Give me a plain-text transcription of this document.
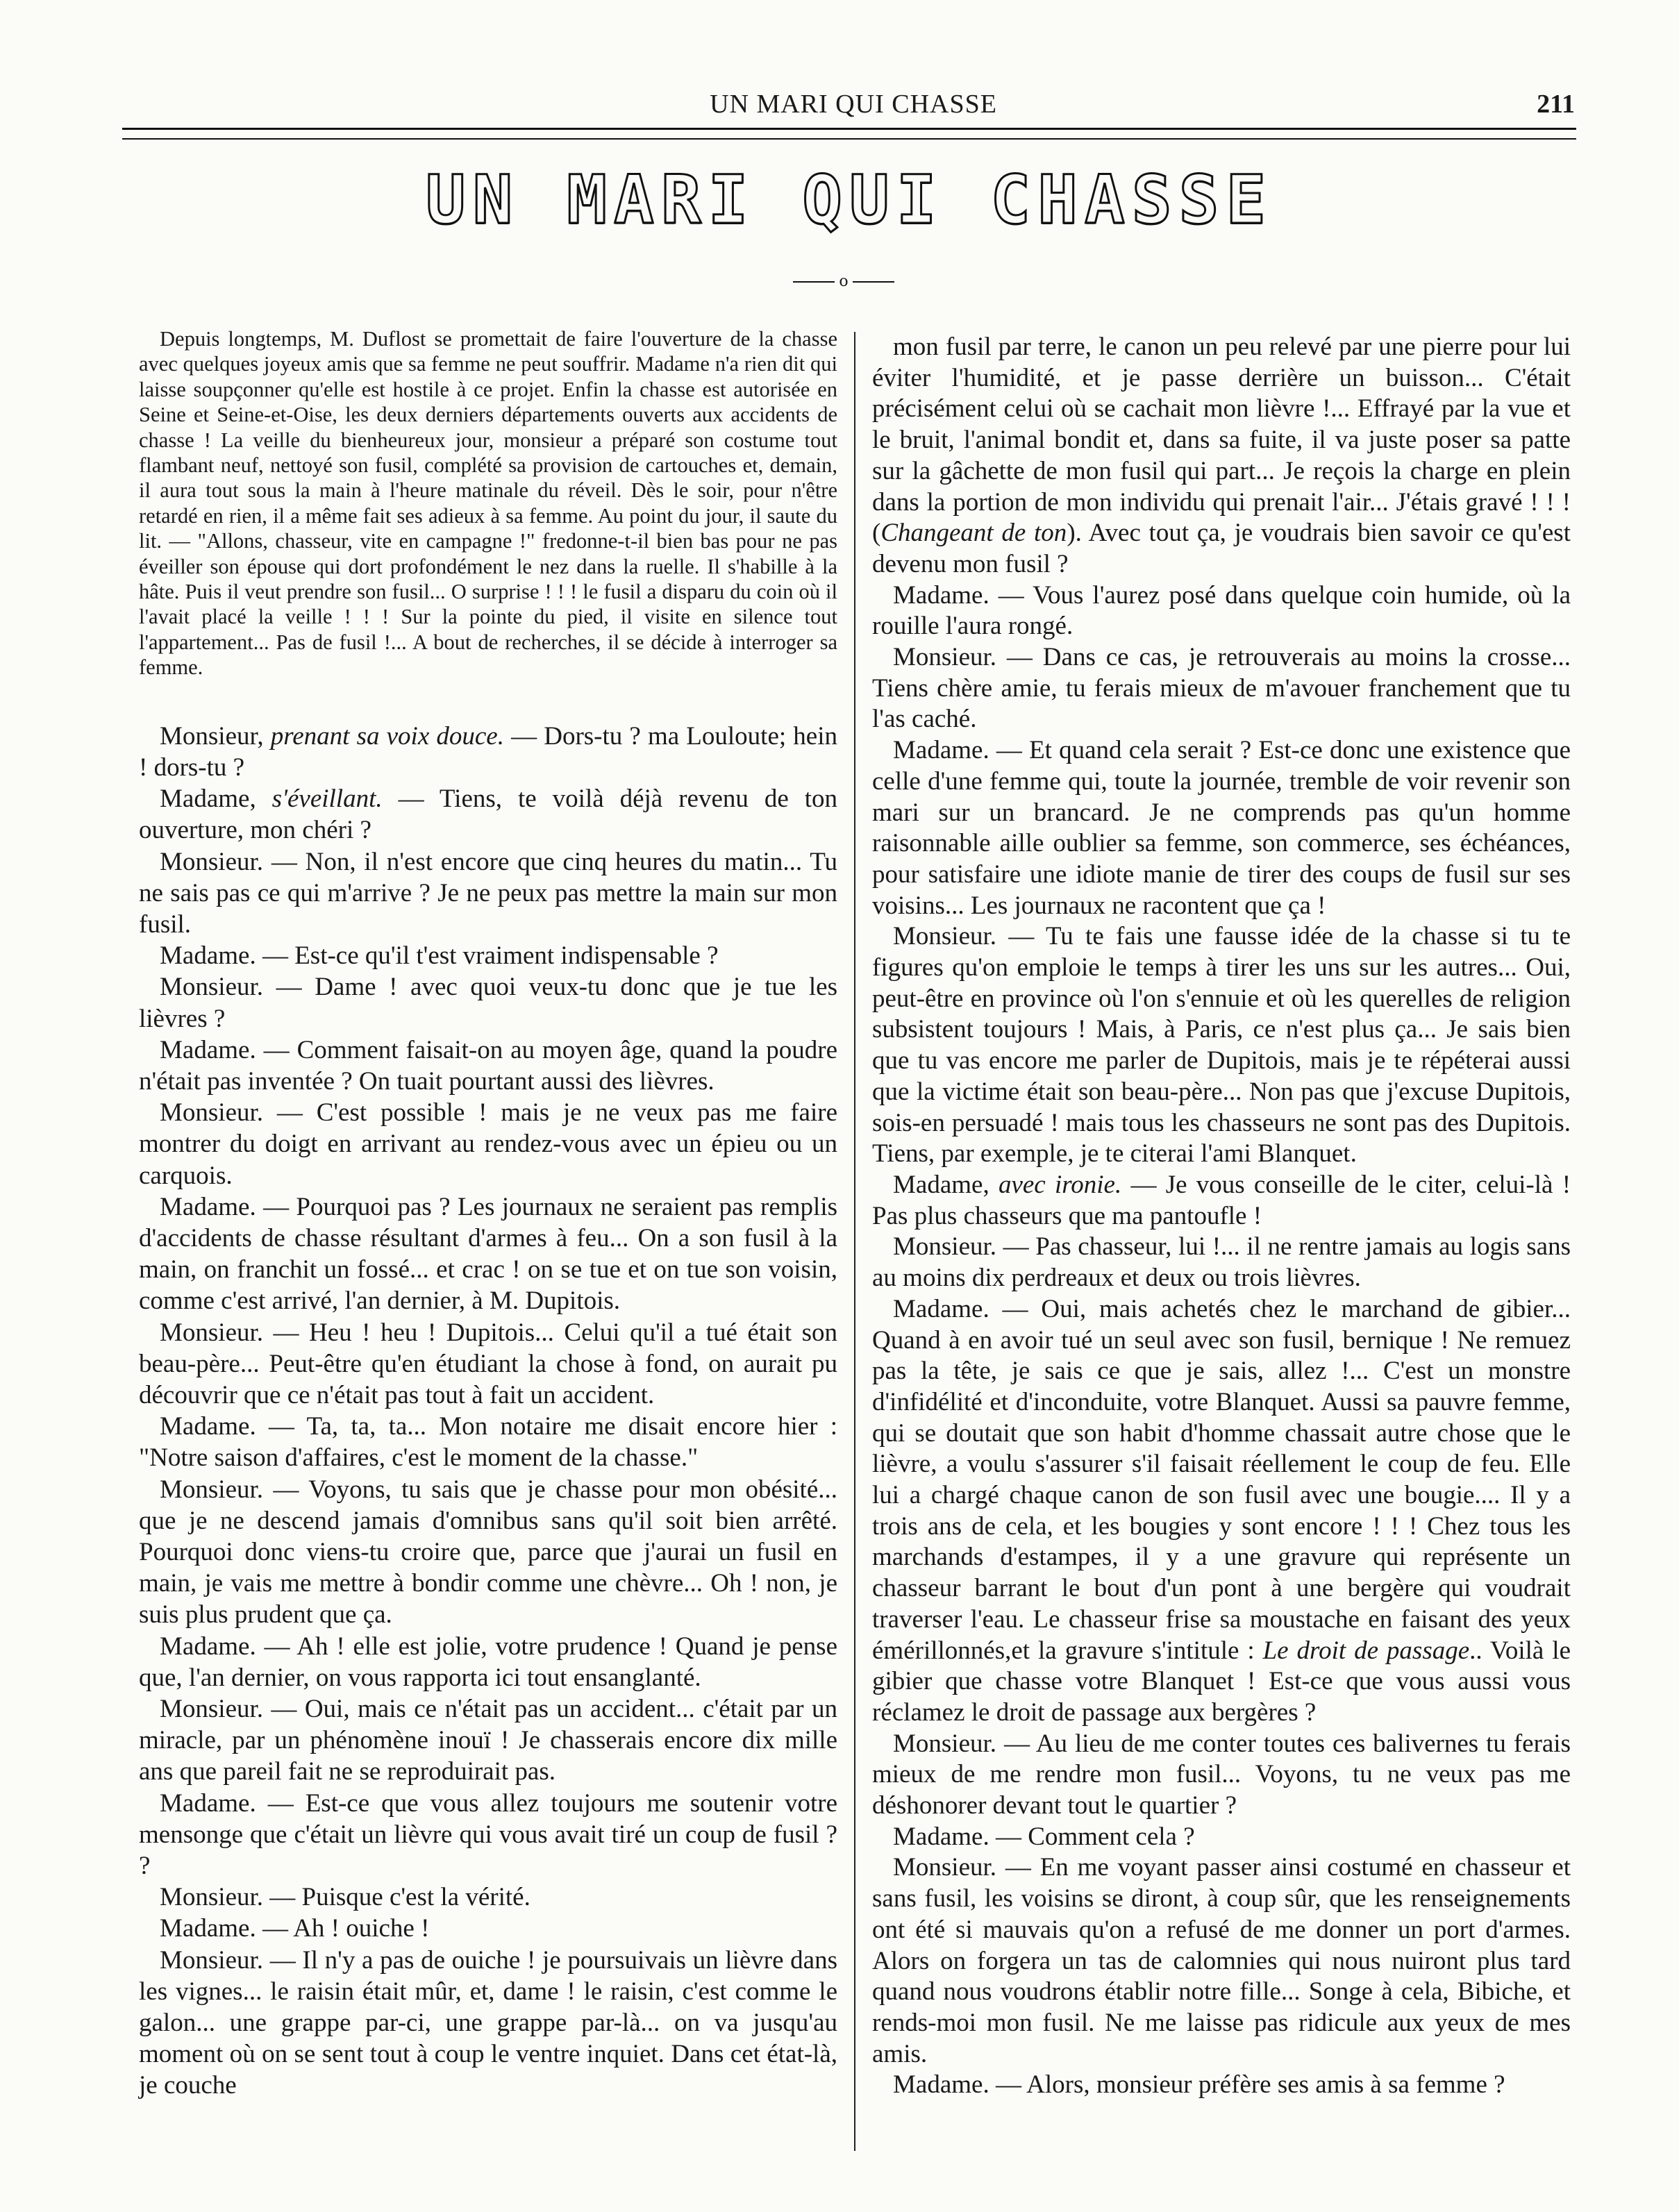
UN MARI QUI CHASSE	211
UN MARI QUI CHASSE
o

Depuis longtemps, M. Duflost se promettait de faire l'ouverture de la chasse avec quelques joyeux amis que sa femme ne peut souffrir. Madame n'a rien dit qui laisse soupçonner qu'elle est hostile à ce projet. Enfin la chasse est autorisée en Seine et Seine-et-Oise, les deux derniers départements ouverts aux accidents de chasse ! La veille du bienheureux jour, monsieur a préparé son costume tout flambant neuf, nettoyé son fusil, complété sa provision de cartouches et, demain, il aura tout sous la main à l'heure matinale du réveil. Dès le soir, pour n'être retardé en rien, il a même fait ses adieux à sa femme. Au point du jour, il saute du lit. — "Allons, chasseur, vite en campagne !" fredonne-t-il bien bas pour ne pas éveiller son épouse qui dort profondément le nez dans la ruelle. Il s'habille à la hâte. Puis il veut prendre son fusil... O surprise ! ! ! le fusil a disparu du coin où il l'avait placé la veille ! ! ! Sur la pointe du pied, il visite en silence tout l'appartement... Pas de fusil !... A bout de recherches, il se décide à interroger sa femme.

Monsieur, prenant sa voix douce. — Dors-tu ? ma Louloute; hein ! dors-tu ?

Madame, s'éveillant. — Tiens, te voilà déjà revenu de ton ouverture, mon chéri ?

Monsieur. — Non, il n'est encore que cinq heures du matin... Tu ne sais pas ce qui m'arrive ? Je ne peux pas mettre la main sur mon fusil.

Madame. — Est-ce qu'il t'est vraiment indispensable ?

Monsieur. — Dame ! avec quoi veux-tu donc que je tue les lièvres ?

Madame. — Comment faisait-on au moyen âge, quand la poudre n'était pas inventée ? On tuait pourtant aussi des lièvres.

Monsieur. — C'est possible ! mais je ne veux pas me faire montrer du doigt en arrivant au rendez-vous avec un épieu ou un carquois.

Madame. — Pourquoi pas ? Les journaux ne seraient pas remplis d'accidents de chasse résultant d'armes à feu... On a son fusil à la main, on franchit un fossé... et crac ! on se tue et on tue son voisin, comme c'est arrivé, l'an dernier, à M. Dupitois.

Monsieur. — Heu ! heu ! Dupitois... Celui qu'il a tué était son beau-père... Peut-être qu'en étudiant la chose à fond, on aurait pu découvrir que ce n'était pas tout à fait un accident.

Madame. — Ta, ta, ta... Mon notaire me disait encore hier : "Notre saison d'affaires, c'est le moment de la chasse."

Monsieur. — Voyons, tu sais que je chasse pour mon obésité... que je ne descend jamais d'omnibus sans qu'il soit bien arrêté. Pourquoi donc viens-tu croire que, parce que j'aurai un fusil en main, je vais me mettre à bondir comme une chèvre... Oh ! non, je suis plus prudent que ça.

Madame. — Ah ! elle est jolie, votre prudence ! Quand je pense que, l'an dernier, on vous rapporta ici tout ensanglanté.

Monsieur. — Oui, mais ce n'était pas un accident... c'était par un miracle, par un phénomène inouï ! Je chasserais encore dix mille ans que pareil fait ne se reproduirait pas.

Madame. — Est-ce que vous allez toujours me soutenir votre mensonge que c'était un lièvre qui vous avait tiré un coup de fusil ? ?

Monsieur. — Puisque c'est la vérité.

Madame. — Ah ! ouiche !

Monsieur. — Il n'y a pas de ouiche ! je poursuivais un lièvre dans les vignes... le raisin était mûr, et, dame ! le raisin, c'est comme le galon... une grappe par-ci, une grappe par-là... on va jusqu'au moment où on se sent tout à coup le ventre inquiet. Dans cet état-là, je couche

mon fusil par terre, le canon un peu relevé par une pierre pour lui éviter l'humidité, et je passe derrière un buisson... C'était précisément celui où se cachait mon lièvre !... Effrayé par la vue et le bruit, l'animal bondit et, dans sa fuite, il va juste poser sa patte sur la gâchette de mon fusil qui part... Je reçois la charge en plein dans la portion de mon individu qui prenait l'air... J'étais gravé ! ! ! (Changeant de ton). Avec tout ça, je voudrais bien savoir ce qu'est devenu mon fusil ?

Madame. — Vous l'aurez posé dans quelque coin humide, où la rouille l'aura rongé.

Monsieur. — Dans ce cas, je retrouverais au moins la crosse... Tiens chère amie, tu ferais mieux de m'avouer franchement que tu l'as caché.

Madame. — Et quand cela serait ? Est-ce donc une existence que celle d'une femme qui, toute la journée, tremble de voir revenir son mari sur un brancard. Je ne comprends pas qu'un homme raisonnable aille oublier sa femme, son commerce, ses échéances, pour satisfaire une idiote manie de tirer des coups de fusil sur ses voisins... Les journaux ne racontent que ça !

Monsieur. — Tu te fais une fausse idée de la chasse si tu te figures qu'on emploie le temps à tirer les uns sur les autres... Oui, peut-être en province où l'on s'ennuie et où les querelles de religion subsistent toujours ! Mais, à Paris, ce n'est plus ça... Je sais bien que tu vas encore me parler de Dupitois, mais je te répéterai aussi que la victime était son beau-père... Non pas que j'excuse Dupitois, sois-en persuadé ! mais tous les chasseurs ne sont pas des Dupitois. Tiens, par exemple, je te citerai l'ami Blanquet.

Madame, avec ironie. — Je vous conseille de le citer, celui-là ! Pas plus chasseurs que ma pantoufle !

Monsieur. — Pas chasseur, lui !... il ne rentre jamais au logis sans au moins dix perdreaux et deux ou trois lièvres.

Madame. — Oui, mais achetés chez le marchand de gibier... Quand à en avoir tué un seul avec son fusil, bernique ! Ne remuez pas la tête, je sais ce que je sais, allez !... C'est un monstre d'infidélité et d'inconduite, votre Blanquet. Aussi sa pauvre femme, qui se doutait que son habit d'homme chassait autre chose que le lièvre, a voulu s'assurer s'il faisait réellement le coup de feu. Elle lui a chargé chaque canon de son fusil avec une bougie.... Il y a trois ans de cela, et les bougies y sont encore ! ! ! Chez tous les marchands d'estampes, il y a une gravure qui représente un chasseur barrant le bout d'un pont à une bergère qui voudrait traverser l'eau. Le chasseur frise sa moustache en faisant des yeux émérillonnés,et la gravure s'intitule : Le droit de passage.. Voilà le gibier que chasse votre Blanquet ! Est-ce que vous aussi vous réclamez le droit de passage aux bergères ?

Monsieur. — Au lieu de me conter toutes ces balivernes tu ferais mieux de me rendre mon fusil... Voyons, tu ne veux pas me déshonorer devant tout le quartier ?

Madame. — Comment cela ?

Monsieur. — En me voyant passer ainsi costumé en chasseur et sans fusil, les voisins se diront, à coup sûr, que les renseignements ont été si mauvais qu'on a refusé de me donner un port d'armes. Alors on forgera un tas de calomnies qui nous nuiront plus tard quand nous voudrons établir notre fille... Songe à cela, Bibiche, et rends-moi mon fusil. Ne me laisse pas ridicule aux yeux de mes amis.

Madame. — Alors, monsieur préfère ses amis à sa femme ?
